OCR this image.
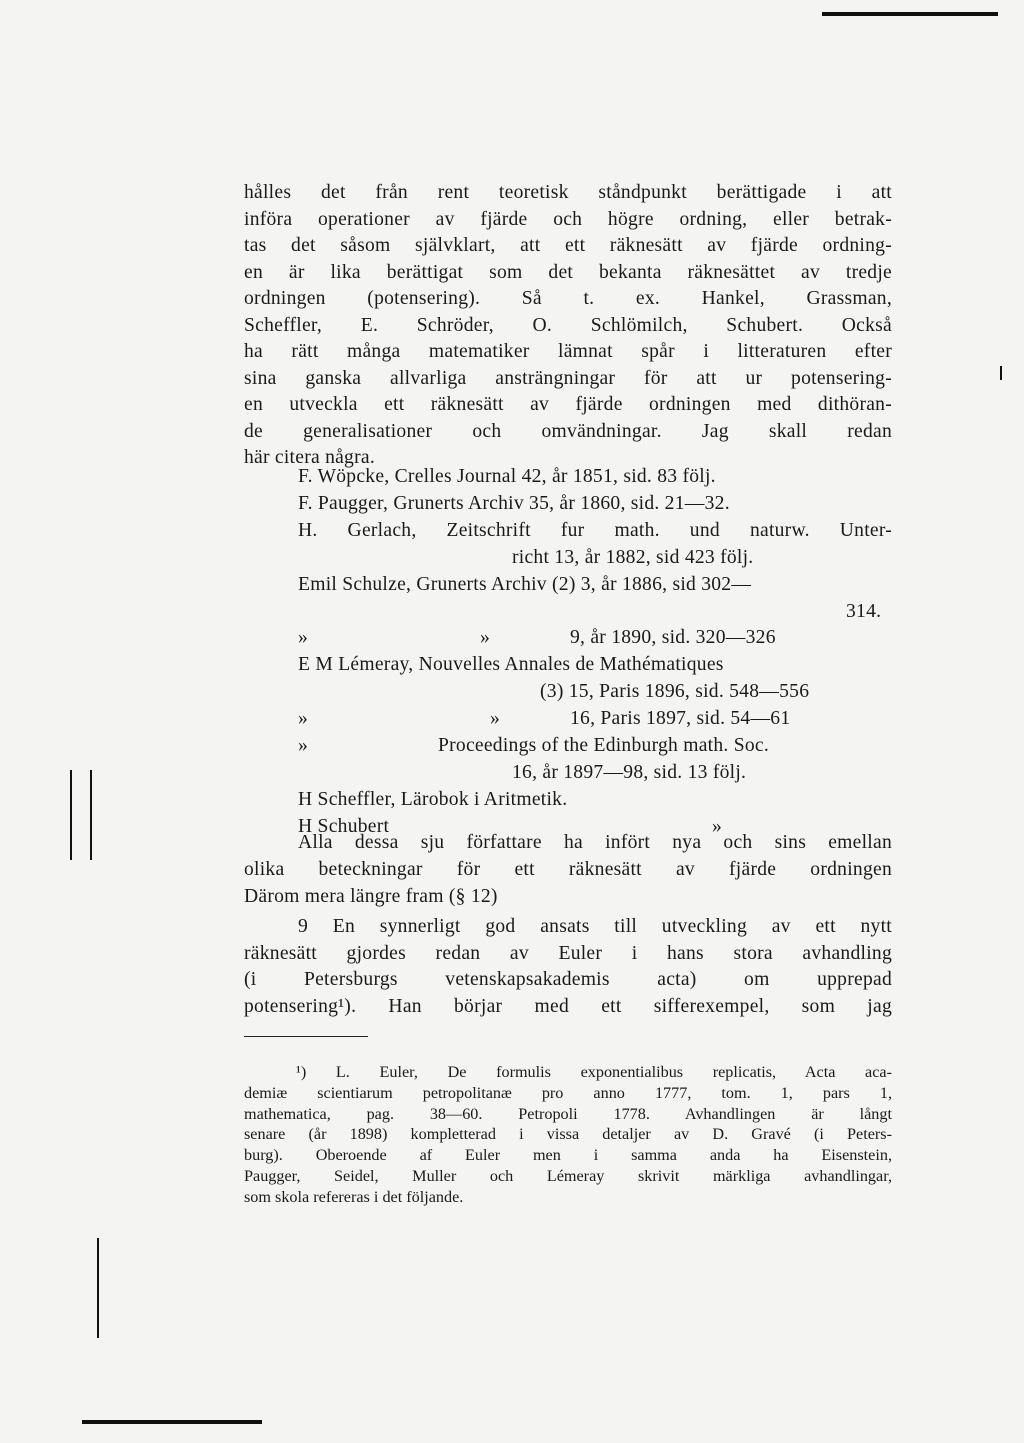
hålles det från rent teoretisk ståndpunkt berättigade i att
införa operationer av fjärde och högre ordning, eller betrak-
tas det såsom självklart, att ett räknesätt av fjärde ordning-
en är lika berättigat som det bekanta räknesättet av tredje
ordningen (potensering). Så t. ex. Hankel, Grassman,
Scheffler, E. Schröder, O. Schlömilch, Schubert. Också
ha rätt många matematiker lämnat spår i litteraturen efter
sina ganska allvarliga ansträngningar för att ur potensering-
en utveckla ett räknesätt av fjärde ordningen med dithöran-
de generalisationer och omvändningar. Jag skall redan
här citera några.
F. Wöpcke, Crelles Journal 42, år 1851, sid. 83 följ.
F. Paugger, Grunerts Archiv 35, år 1860, sid. 21—32.
H. Gerlach, Zeitschrift fur math. und naturw. Unter-
richt 13, år 1882, sid 423 följ.
Emil Schulze, Grunerts Archiv (2) 3, år 1886, sid 302—
314.
»	»	9, år 1890, sid. 320—326
E M Lémeray, Nouvelles Annales de Mathématiques
(3) 15, Paris 1896, sid. 548—556
»	»	16, Paris 1897, sid. 54—61
»	Proceedings of the Edinburgh math. Soc.
16, år 1897—98, sid. 13 följ.
H Scheffler, Lärobok i Aritmetik.
H Schubert	»
Alla dessa sju författare ha infört nya och sins emellan
olika beteckningar för ett räknesätt av fjärde ordningen
Därom mera längre fram (§ 12)
9 En synnerligt god ansats till utveckling av ett nytt
räknesätt gjordes redan av Euler i hans stora avhandling
(i Petersburgs vetenskapsakademis acta) om upprepad
potensering¹). Han börjar med ett sifferexempel, som jag
¹) L. Euler, De formulis exponentialibus replicatis, Acta aca-
demiæ scientiarum petropolitanæ pro anno 1777, tom. 1, pars 1,
mathematica, pag. 38—60. Petropoli 1778. Avhandlingen är långt
senare (år 1898) kompletterad i vissa detaljer av D. Gravé (i Peters-
burg). Oberoende af Euler men i samma anda ha Eisenstein,
Paugger, Seidel, Muller och Lémeray skrivit märkliga avhandlingar,
som skola refereras i det följande.
